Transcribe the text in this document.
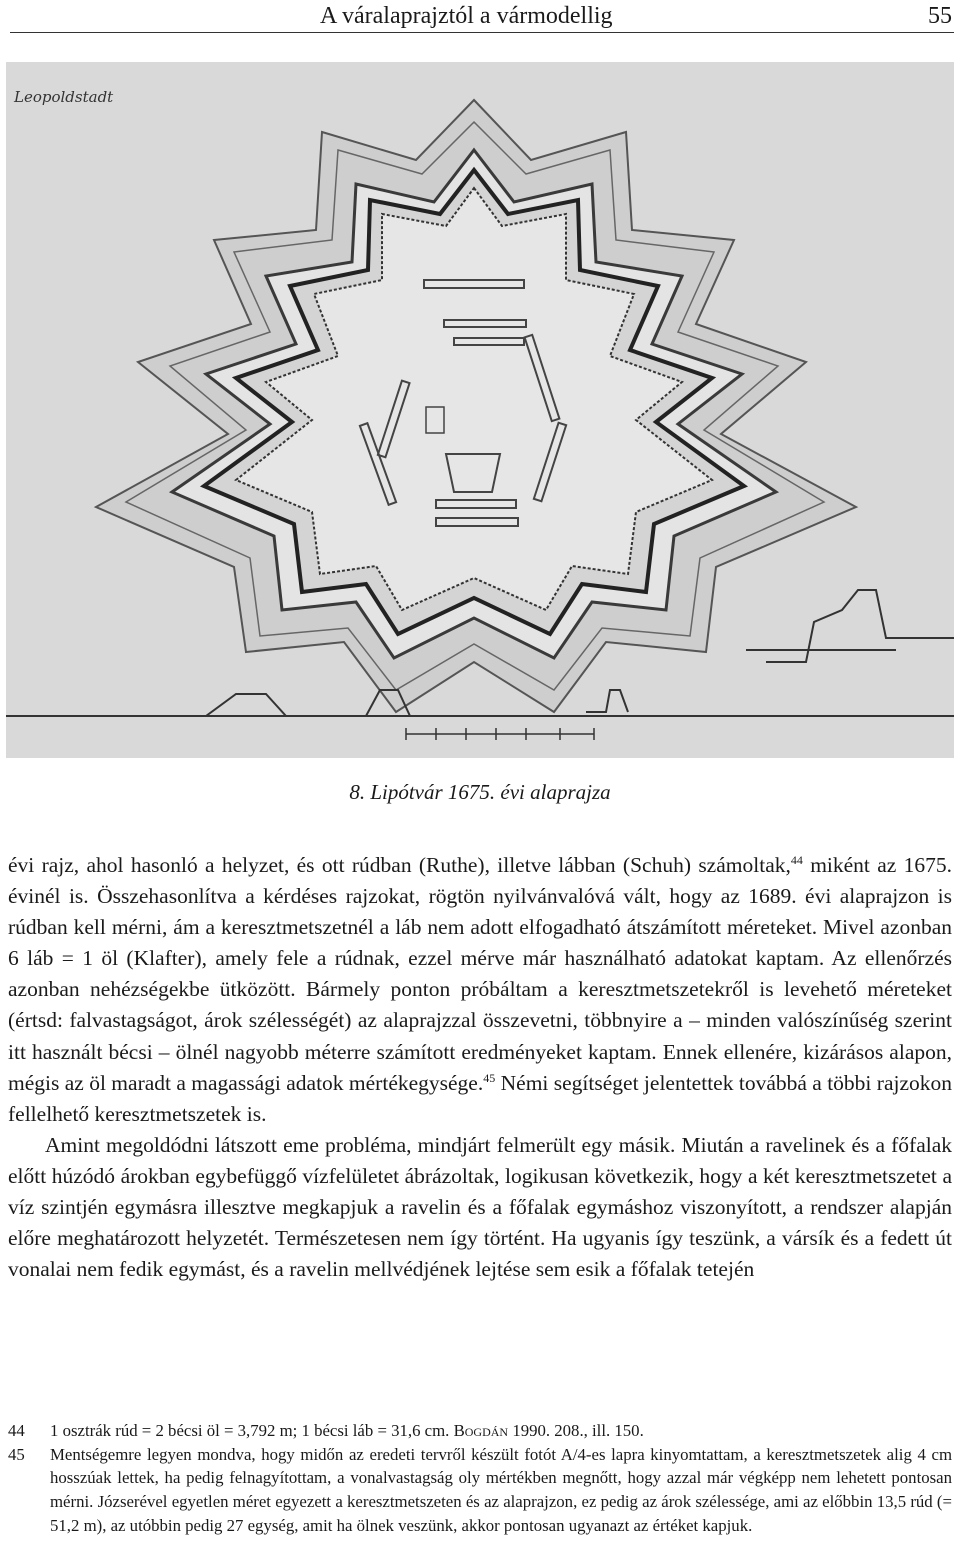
A váralaprajztól a vármodellig	55
Leopoldstadt
8. Lipótvár 1675. évi alaprajza

évi rajz, ahol hasonló a helyzet, és ott rúdban (Ruthe), illetve lábban (Schuh) számoltak,$^{44}$ miként az 1675. évinél is. Összehasonlítva a kérdéses rajzokat, rögtön nyilvánvalóvá vált, hogy az 1689. évi alaprajzon is rúdban kell mérni, ám a keresztmetszetnél a láb nem adott elfogadható átszámított méreteket. Mivel azonban 6 láb = 1 öl (Klafter), amely fele a rúdnak, ezzel mérve már használható adatokat kaptam. Az ellenőrzés azonban nehézségekbe ütközött. Bármely ponton próbáltam a keresztmetszetekről is levehető méreteket (értsd: falvastagságot, árok szélességét) az alaprajzzal összevetni, többnyire a – minden valószínűség szerint itt használt bécsi – ölnél nagyobb méterre számított eredményeket kaptam. Ennek ellenére, kizárásos alapon, mégis az öl maradt a magassági adatok mértékegysége.$^{45}$ Némi segítséget jelentettek továbbá a többi rajzokon fellelhető keresztmetszetek is.

Amint megoldódni látszott eme probléma, mindjárt felmerült egy másik. Miután a ravelinek és a főfalak előtt húzódó árokban egybefüggő vízfelületet ábrázoltak, logikusan következik, hogy a két keresztmetszetet a víz szintjén egymásra illesztve megkapjuk a ravelin és a főfalak egymáshoz viszonyított, a rendszer alapján előre meghatározott helyzetét. Természetesen nem így történt. Ha ugyanis így teszünk, a vársík és a fedett út vonalai nem fedik egymást, és a ravelin mellvédjének lejtése sem esik a főfalak tetején

44 1 osztrák rúd = 2 bécsi öl = 3,792 m; 1 bécsi láb = 31,6 cm. Bogdán 1990. 208., ill. 150.
45 Mentségemre legyen mondva, hogy midőn az eredeti tervről készült fotót A/4-es lapra kinyomtattam, a keresztmetszetek alig 4 cm hosszúak lettek, ha pedig felnagyítottam, a vonalvastagság oly mértékben megnőtt, hogy azzal már végképp nem lehetett pontosan mérni. Józserével egyetlen méret egyezett a keresztmetszeten és az alaprajzon, ez pedig az árok szélessége, ami az előbbin 13,5 rúd (= 51,2 m), az utóbbin pedig 27 egység, amit ha ölnek veszünk, akkor pontosan ugyanazt az értéket kapjuk.
